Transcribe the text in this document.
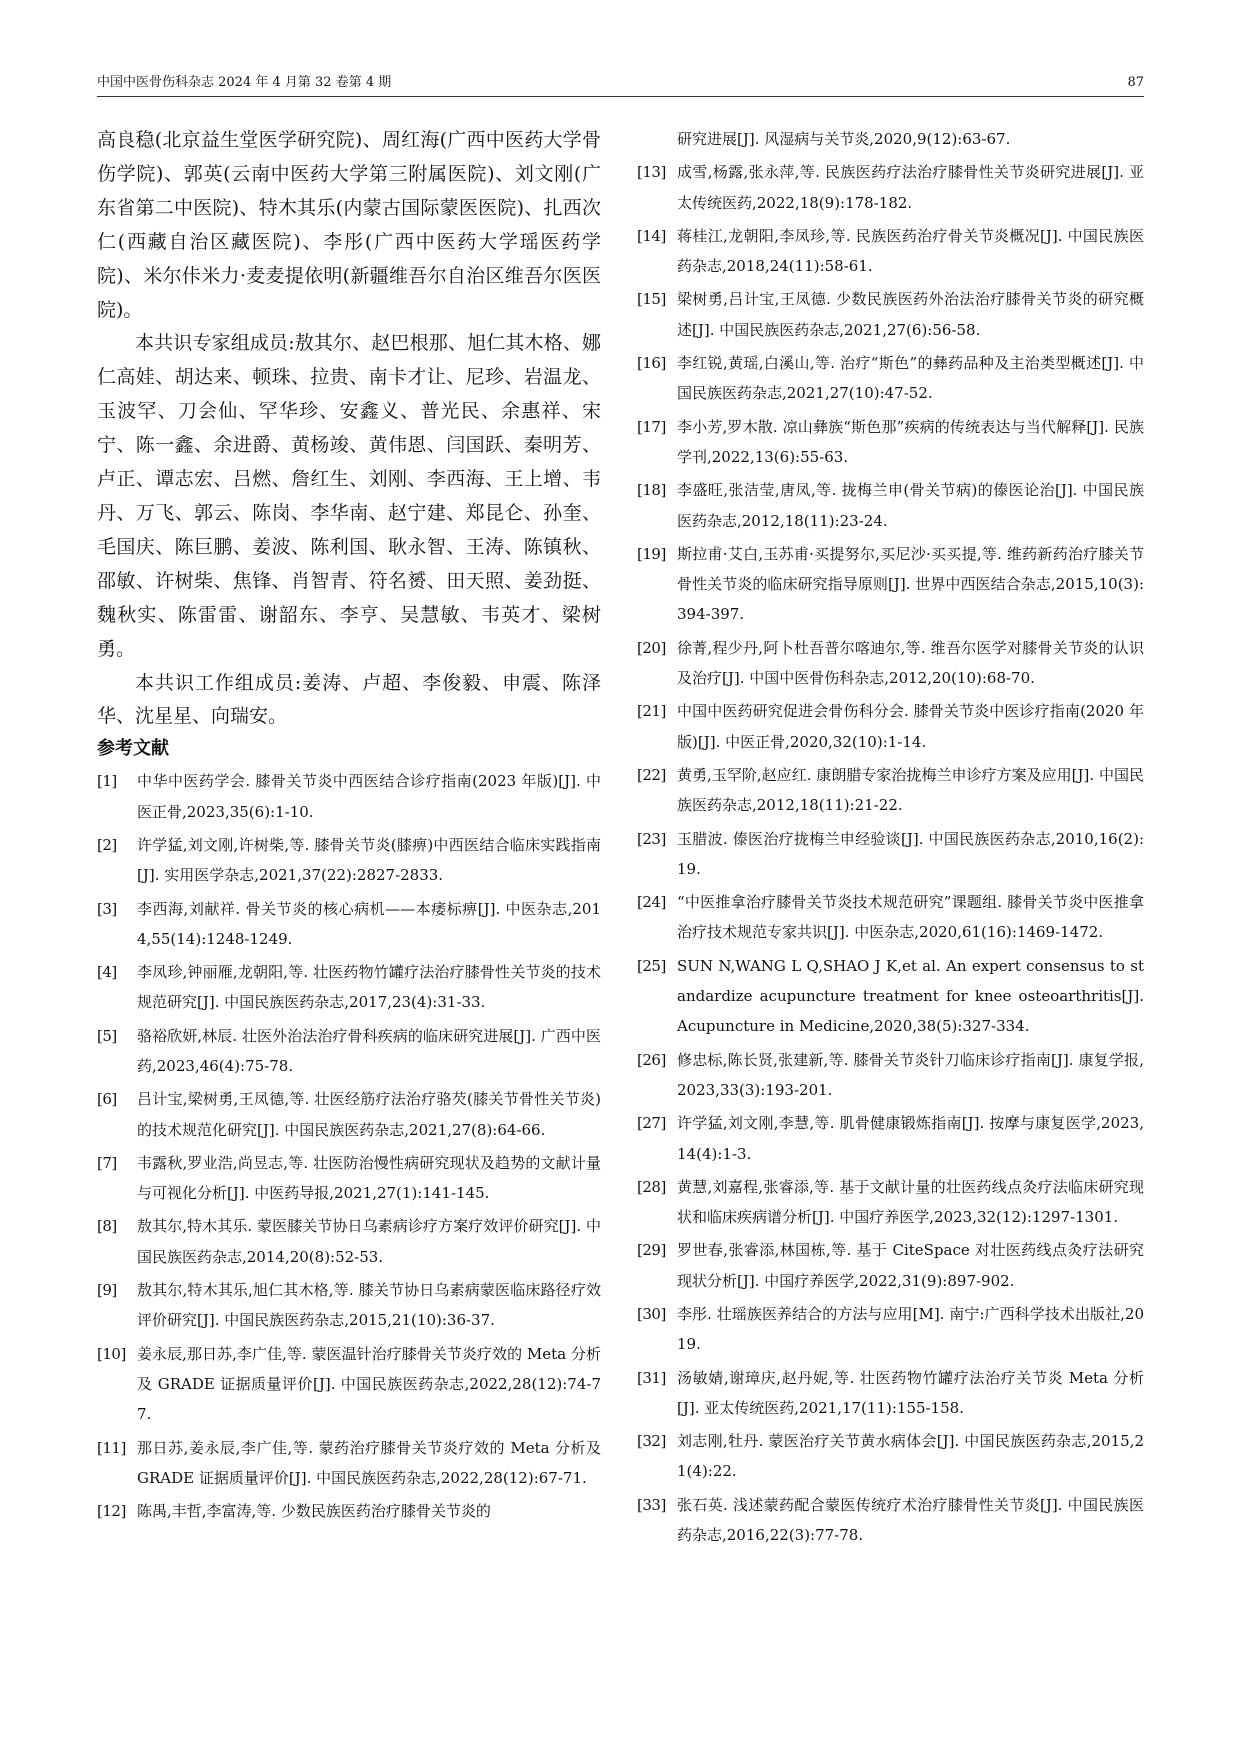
中国中医骨伤科杂志 2024 年 4 月第 32 卷第 4 期	87

高良稳(北京益生堂医学研究院)、周红海(广西中医药大学骨伤学院)、郭英(云南中医药大学第三附属医院)、刘文刚(广东省第二中医院)、特木其乐(内蒙古国际蒙医医院)、扎西次仁(西藏自治区藏医院)、李彤(广西中医药大学瑶医药学院)、米尔佧米力·麦麦提依明(新疆维吾尔自治区维吾尔医医院)。

本共识专家组成员:敖其尔、赵巴根那、旭仁其木格、娜仁高娃、胡达来、顿珠、拉贵、南卡才让、尼珍、岩温龙、玉波罕、刀会仙、罕华珍、安鑫义、普光民、余惠祥、宋宁、陈一鑫、余进爵、黄杨竣、黄伟恩、闫国跃、秦明芳、卢正、谭志宏、吕燃、詹红生、刘刚、李西海、王上增、韦丹、万飞、郭云、陈岗、李华南、赵宁建、郑昆仑、孙奎、毛国庆、陈巨鹏、姜波、陈利国、耿永智、王涛、陈镇秋、邵敏、许树柴、焦锋、肖智青、符名赟、田天照、姜劲挺、魏秋实、陈雷雷、谢韶东、李亨、吴慧敏、韦英才、梁树勇。

本共识工作组成员:姜涛、卢超、李俊毅、申震、陈泽华、沈星星、向瑞安。

参考文献
[1]	中华中医药学会. 膝骨关节炎中西医结合诊疗指南(2023 年版)[J]. 中医正骨,2023,35(6):1-10.
[2]	许学猛,刘文刚,许树柴,等. 膝骨关节炎(膝痹)中西医结合临床实践指南[J]. 实用医学杂志,2021,37(22):2827-2833.
[3]	李西海,刘献祥. 骨关节炎的核心病机——本痿标痹[J]. 中医杂志,2014,55(14):1248-1249.
[4]	李凤珍,钟丽雁,龙朝阳,等. 壮医药物竹罐疗法治疗膝骨性关节炎的技术规范研究[J]. 中国民族医药杂志,2017,23(4):31-33.
[5]	骆裕欣妍,林辰. 壮医外治法治疗骨科疾病的临床研究进展[J]. 广西中医药,2023,46(4):75-78.
[6]	吕计宝,梁树勇,王凤德,等. 壮医经筋疗法治疗骆芡(膝关节骨性关节炎)的技术规范化研究[J]. 中国民族医药杂志,2021,27(8):64-66.
[7]	韦露秋,罗业浩,尚昱志,等. 壮医防治慢性病研究现状及趋势的文献计量与可视化分析[J]. 中医药导报,2021,27(1):141-145.
[8]	敖其尔,特木其乐. 蒙医膝关节协日乌素病诊疗方案疗效评价研究[J]. 中国民族医药杂志,2014,20(8):52-53.
[9]	敖其尔,特木其乐,旭仁其木格,等. 膝关节协日乌素病蒙医临床路径疗效评价研究[J]. 中国民族医药杂志,2015,21(10):36-37.
[10] 姜永辰,那日苏,李广佳,等. 蒙医温针治疗膝骨关节炎疗效的 Meta 分析及 GRADE 证据质量评价[J]. 中国民族医药杂志,2022,28(12):74-77.
[11] 那日苏,姜永辰,李广佳,等. 蒙药治疗膝骨关节炎疗效的 Meta 分析及 GRADE 证据质量评价[J]. 中国民族医药杂志,2022,28(12):67-71.
[12] 陈禺,丰哲,李富涛,等. 少数民族医药治疗膝骨关节炎的
研究进展[J]. 风湿病与关节炎,2020,9(12):63-67.
[13] 成雪,杨露,张永萍,等. 民族医药疗法治疗膝骨性关节炎研究进展[J]. 亚太传统医药,2022,18(9):178-182.
[14] 蒋桂江,龙朝阳,李凤珍,等. 民族医药治疗骨关节炎概况[J]. 中国民族医药杂志,2018,24(11):58-61.
[15] 梁树勇,吕计宝,王凤德. 少数民族医药外治法治疗膝骨关节炎的研究概述[J]. 中国民族医药杂志,2021,27(6):56-58.
[16] 李红锐,黄瑶,白溪山,等. 治疗“斯色”的彝药品种及主治类型概述[J]. 中国民族医药杂志,2021,27(10):47-52.
[17] 李小芳,罗木散. 凉山彝族“斯色那”疾病的传统表达与当代解释[J]. 民族学刊,2022,13(6):55-63.
[18] 李盛旺,张洁莹,唐凤,等. 拢梅兰申(骨关节病)的傣医论治[J]. 中国民族医药杂志,2012,18(11):23-24.
[19] 斯拉甫·艾白,玉苏甫·买提努尔,买尼沙·买买提,等. 维药新药治疗膝关节骨性关节炎的临床研究指导原则[J]. 世界中西医结合杂志,2015,10(3):394-397.
[20] 徐菁,程少丹,阿卜杜吾普尔喀迪尔,等. 维吾尔医学对膝骨关节炎的认识及治疗[J]. 中国中医骨伤科杂志,2012,20(10):68-70.
[21] 中国中医药研究促进会骨伤科分会. 膝骨关节炎中医诊疗指南(2020 年版)[J]. 中医正骨,2020,32(10):1-14.
[22] 黄勇,玉罕阶,赵应红. 康朗腊专家治拢梅兰申诊疗方案及应用[J]. 中国民族医药杂志,2012,18(11):21-22.
[23] 玉腊波. 傣医治疗拢梅兰申经验谈[J]. 中国民族医药杂志,2010,16(2):19.
[24] “中医推拿治疗膝骨关节炎技术规范研究”课题组. 膝骨关节炎中医推拿治疗技术规范专家共识[J]. 中医杂志,2020,61(16):1469-1472.
[25] SUN N,WANG L Q,SHAO J K,et al. An expert consensus to standardize acupuncture treatment for knee osteoarthritis[J]. Acupuncture in Medicine,2020,38(5):327-334.
[26] 修忠标,陈长贤,张建新,等. 膝骨关节炎针刀临床诊疗指南[J]. 康复学报,2023,33(3):193-201.
[27] 许学猛,刘文刚,李慧,等. 肌骨健康锻炼指南[J]. 按摩与康复医学,2023,14(4):1-3.
[28] 黄慧,刘嘉程,张睿添,等. 基于文献计量的壮医药线点灸疗法临床研究现状和临床疾病谱分析[J]. 中国疗养医学,2023,32(12):1297-1301.
[29] 罗世春,张睿添,林国栋,等. 基于 CiteSpace 对壮医药线点灸疗法研究现状分析[J]. 中国疗养医学,2022,31(9):897-902.
[30] 李彤. 壮瑶族医养结合的方法与应用[M]. 南宁:广西科学技术出版社,2019.
[31] 汤敏婧,谢璋庆,赵丹妮,等. 壮医药物竹罐疗法治疗关节炎 Meta 分析[J]. 亚太传统医药,2021,17(11):155-158.
[32] 刘志刚,牡丹. 蒙医治疗关节黄水病体会[J]. 中国民族医药杂志,2015,21(4):22.
[33] 张石英. 浅述蒙药配合蒙医传统疗术治疗膝骨性关节炎[J]. 中国民族医药杂志,2016,22(3):77-78.
